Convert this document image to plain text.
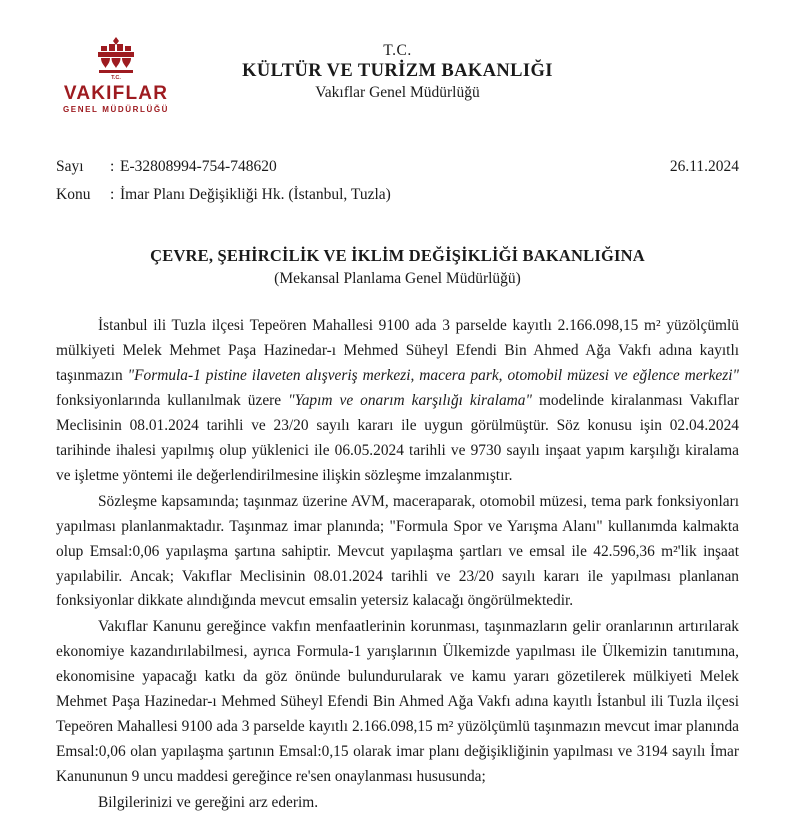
T.C.
VAKIFLAR
GENEL MÜDÜRLÜĞÜ
T.C.
KÜLTÜR VE TURİZM BAKANLIĞI
Vakıflar Genel Müdürlüğü
26.11.2024
Sayı	: E-32808994-754-748620
Konu	: İmar Planı Değişikliği Hk. (İstanbul, Tuzla)
ÇEVRE, ŞEHİRCİLİK VE İKLİM DEĞİŞİKLİĞİ BAKANLIĞINA
(Mekansal Planlama Genel Müdürlüğü)

İstanbul ili Tuzla ilçesi Tepeören Mahallesi 9100 ada 3 parselde kayıtlı 2.166.098,15 m² yüzölçümlü mülkiyeti Melek Mehmet Paşa Hazinedar-ı Mehmed Süheyl Efendi Bin Ahmed Ağa Vakfı adına kayıtlı taşınmazın "Formula-1 pistine ilaveten alışveriş merkezi, macera park, otomobil müzesi ve eğlence merkezi" fonksiyonlarında kullanılmak üzere "Yapım ve onarım karşılığı kiralama" modelinde kiralanması Vakıflar Meclisinin 08.01.2024 tarihli ve 23/20 sayılı kararı ile uygun görülmüştür. Söz konusu işin 02.04.2024 tarihinde ihalesi yapılmış olup yüklenici ile 06.05.2024 tarihli ve 9730 sayılı inşaat yapım karşılığı kiralama ve işletme yöntemi ile değerlendirilmesine ilişkin sözleşme imzalanmıştır.

Sözleşme kapsamında; taşınmaz üzerine AVM, maceraparak, otomobil müzesi, tema park fonksiyonları yapılması planlanmaktadır. Taşınmaz imar planında; "Formula Spor ve Yarışma Alanı" kullanımda kalmakta olup Emsal:0,06 yapılaşma şartına sahiptir. Mevcut yapılaşma şartları ve emsal ile 42.596,36 m²'lik inşaat yapılabilir. Ancak; Vakıflar Meclisinin 08.01.2024 tarihli ve 23/20 sayılı kararı ile yapılması planlanan fonksiyonlar dikkate alındığında mevcut emsalin yetersiz kalacağı öngörülmektedir.

Vakıflar Kanunu gereğince vakfın menfaatlerinin korunması, taşınmazların gelir oranlarının artırılarak ekonomiye kazandırılabilmesi, ayrıca Formula-1 yarışlarının Ülkemizde yapılması ile Ülkemizin tanıtımına, ekonomisine yapacağı katkı da göz önünde bulundurularak ve kamu yararı gözetilerek mülkiyeti Melek Mehmet Paşa Hazinedar-ı Mehmed Süheyl Efendi Bin Ahmed Ağa Vakfı adına kayıtlı İstanbul ili Tuzla ilçesi Tepeören Mahallesi 9100 ada 3 parselde kayıtlı 2.166.098,15 m² yüzölçümlü taşınmazın mevcut imar planında Emsal:0,06 olan yapılaşma şartının Emsal:0,15 olarak imar planı değişikliğinin yapılması ve 3194 sayılı İmar Kanununun 9 uncu maddesi gereğince re'sen onaylanması hususunda;

Bilgilerinizi ve gereğini arz ederim.
